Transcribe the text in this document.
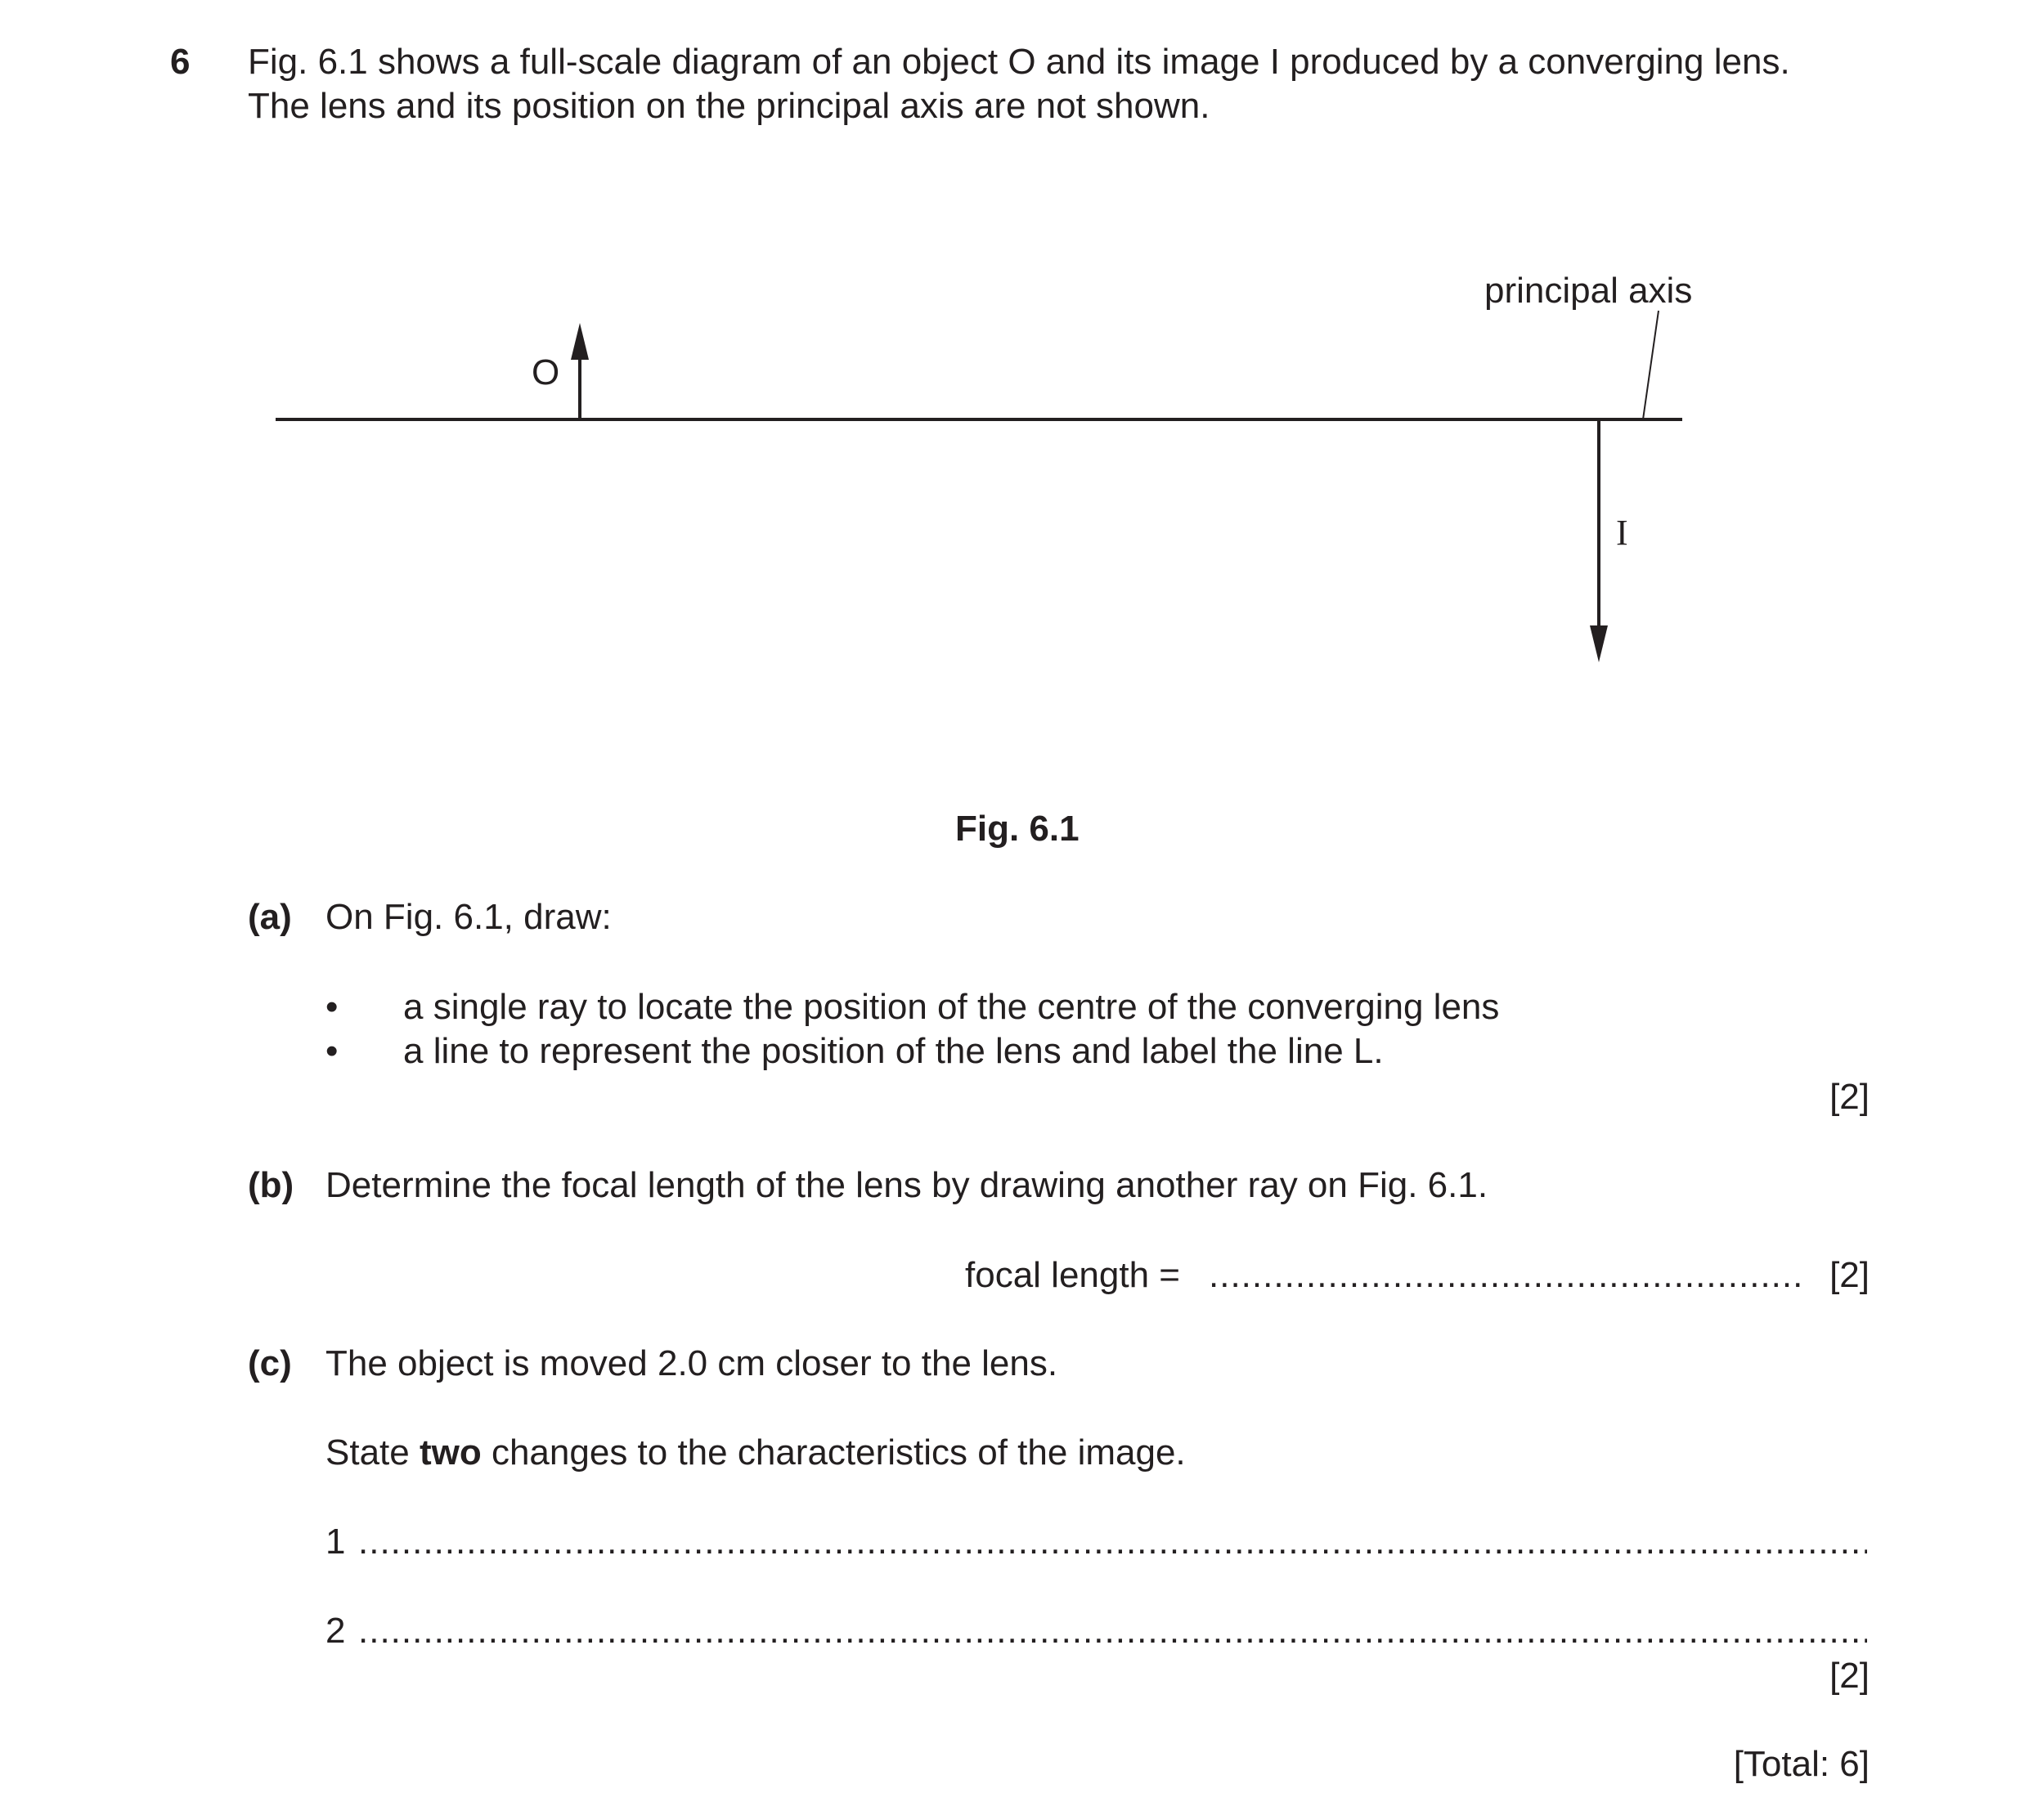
6 Fig. 6.1 shows a full-scale diagram of an object O and its image I produced by a converging lens.
The lens and its position on the principal axis are not shown.
principal axis
O
I
Fig. 6.1
(a) On Fig. 6.1, draw:
• a single ray to locate the position of the centre of the converging lens
• a line to represent the position of the lens and label the line L.
[2]
(b) Determine the focal length of the lens by drawing another ray on Fig. 6.1.
focal length =
.....	[2]
(c) The object is moved 2.0 cm closer to the lens.
State two changes to the characteristics of the image.
1
.....
2
.....
[2]
[Total: 6]
